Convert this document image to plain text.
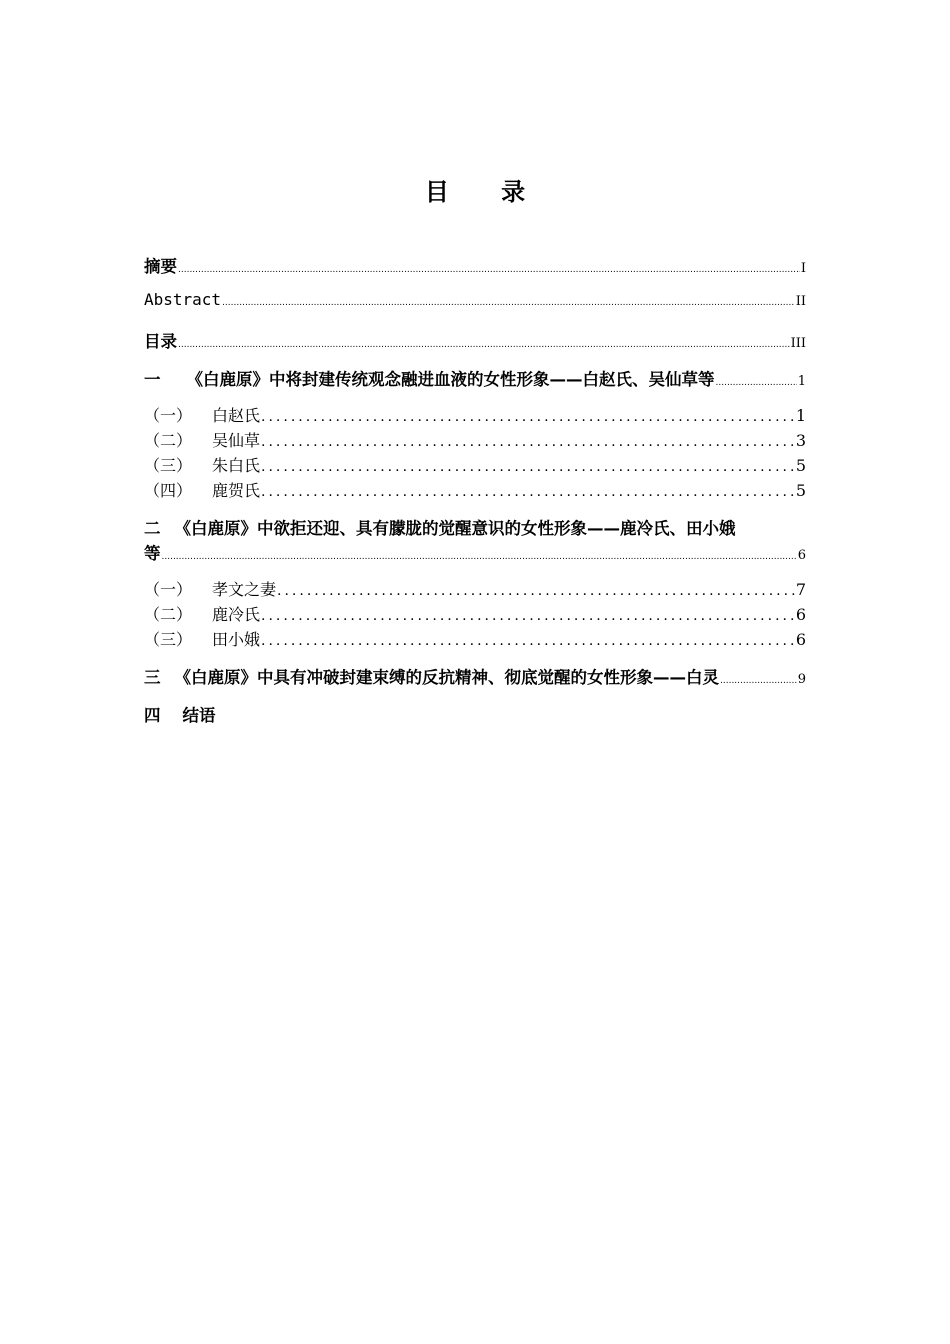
目 录
摘要 .....	I
Abstract .....	II
目录 .....	III
一 《白鹿原》中将封建传统观念融进血液的女性形象——白赵氏、吴仙草等 .....	1
（一） 白赵氏 .....	1
（二） 吴仙草 .....	3
（三） 朱白氏 .....	5
（四） 鹿贺氏 .....	5
二 《白鹿原》中欲拒还迎、具有朦胧的觉醒意识的女性形象——鹿冷氏、田小娥
等 .....	6
（一） 孝文之妻 .....	7
（二） 鹿冷氏 .....	6
（三） 田小娥 .....	6
三 《白鹿原》中具有冲破封建束缚的反抗精神、彻底觉醒的女性形象——白灵 .....	9
四 结语
